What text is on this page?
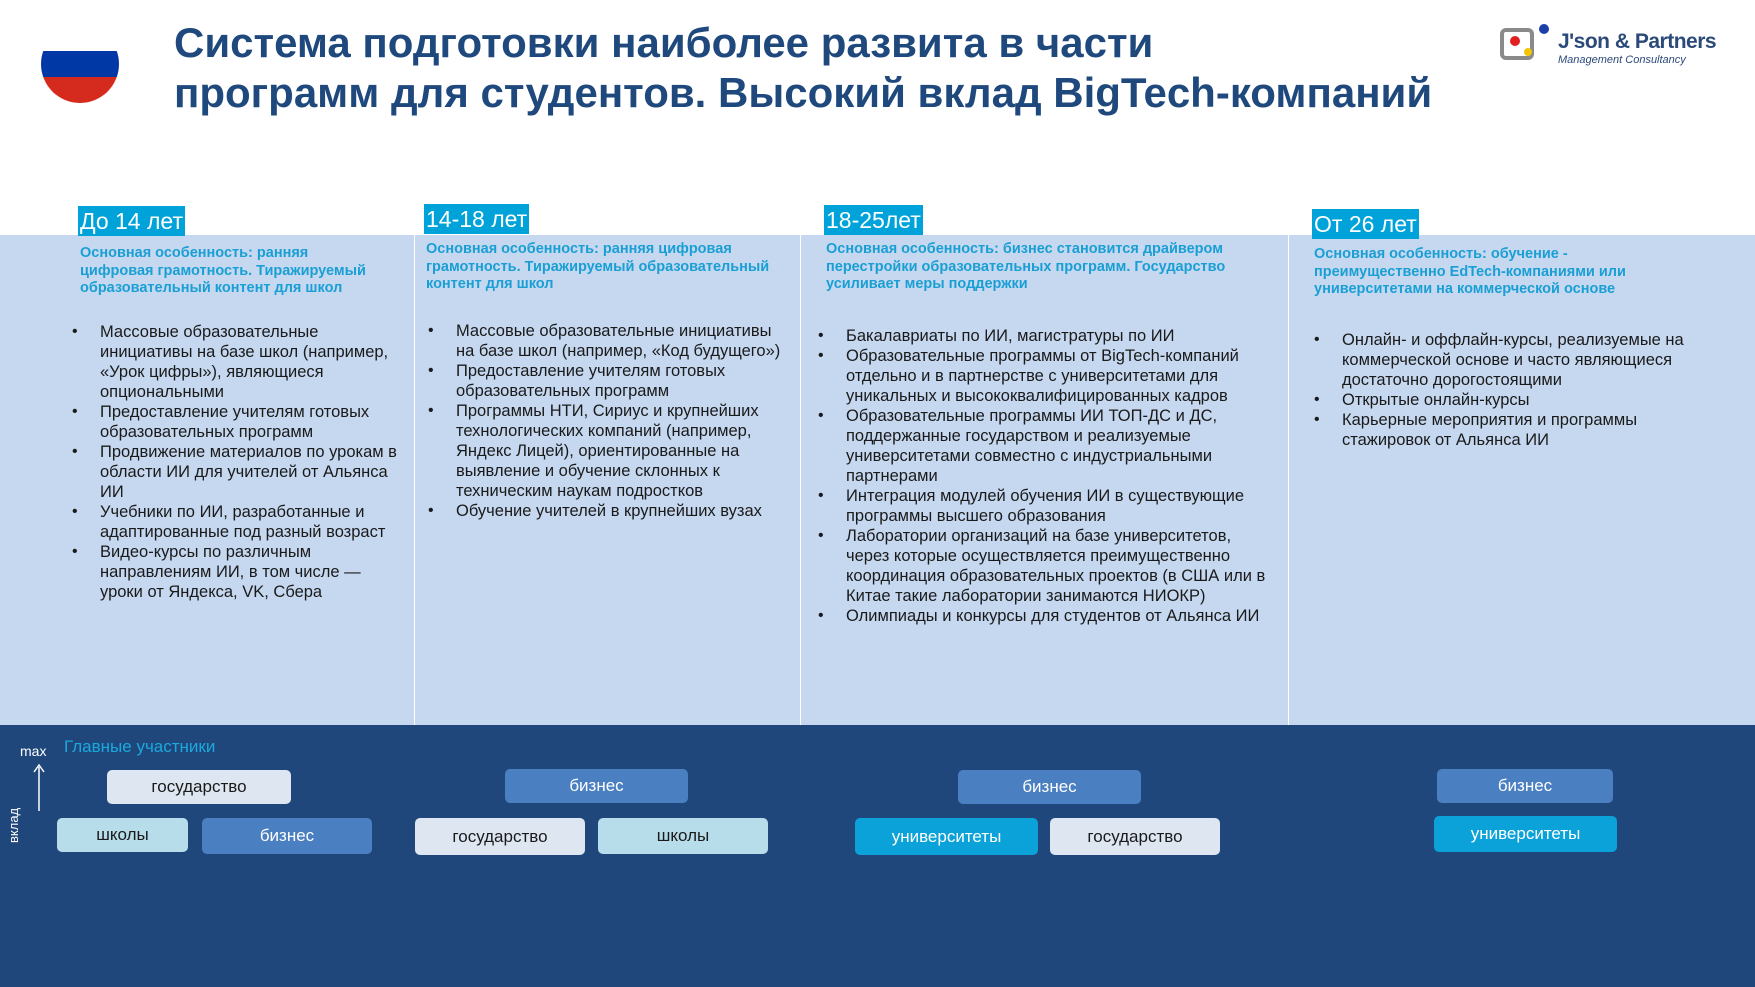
Система подготовки наиболее развита в части
программ для студентов. Высокий вклад BigTech-компаний
J'son & Partners
Management Consultancy
До 14 лет

Основная особенность: ранняя цифровая грамотность. Тиражируемый образовательный контент для школ

• Массовые образовательные инициативы на базе школ (например, «Урок цифры»), являющиеся опциональными
• Предоставление учителям готовых образовательных программ
• Продвижение материалов по урокам в области ИИ для учителей от Альянса ИИ
• Учебники по ИИ, разработанные и адаптированные под разный возраст
• Видео-курсы по различным направлениям ИИ, в том числе — уроки от Яндекса, VK, Сбера
14-18 лет

Основная особенность: ранняя цифровая грамотность. Тиражируемый образовательный контент для школ

• Массовые образовательные инициативы на базе школ (например, «Код будущего»)
• Предоставление учителям готовых образовательных программ
• Программы НТИ, Сириус и крупнейших технологических компаний (например, Яндекс Лицей), ориентированные на выявление и обучение склонных к техническим наукам подростков
• Обучение учителей в крупнейших вузах
18-25лет

Основная особенность: бизнес становится драйвером перестройки образовательных программ. Государство усиливает меры поддержки

• Бакалавриаты по ИИ, магистратуры по ИИ
• Образовательные программы от BigTech-компаний отдельно и в партнерстве с университетами для уникальных и высококвалифицированных кадров
• Образовательные программы ИИ ТОП-ДС и ДС, поддержанные государством и реализуемые университетами совместно с индустриальными партнерами
• Интеграция модулей обучения ИИ в существующие программы высшего образования
• Лаборатории организаций на базе университетов, через которые осуществляется преимущественно координация образовательных проектов (в США или в Китае такие лаборатории занимаются НИОКР)
• Олимпиады и конкурсы для студентов от Альянса ИИ
От 26 лет

Основная особенность: обучение - преимущественно EdTech-компаниями или университетами на коммерческой основе

• Онлайн- и оффлайн-курсы, реализуемые на коммерческой основе и часто являющиеся достаточно дорогостоящими
• Открытые онлайн-курсы
• Карьерные мероприятия и программы стажировок от Альянса ИИ
Главные участники
max
вклад
государство
школы	бизнес
бизнес
государство	школы
бизнес
университеты	государство
бизнес
университеты
